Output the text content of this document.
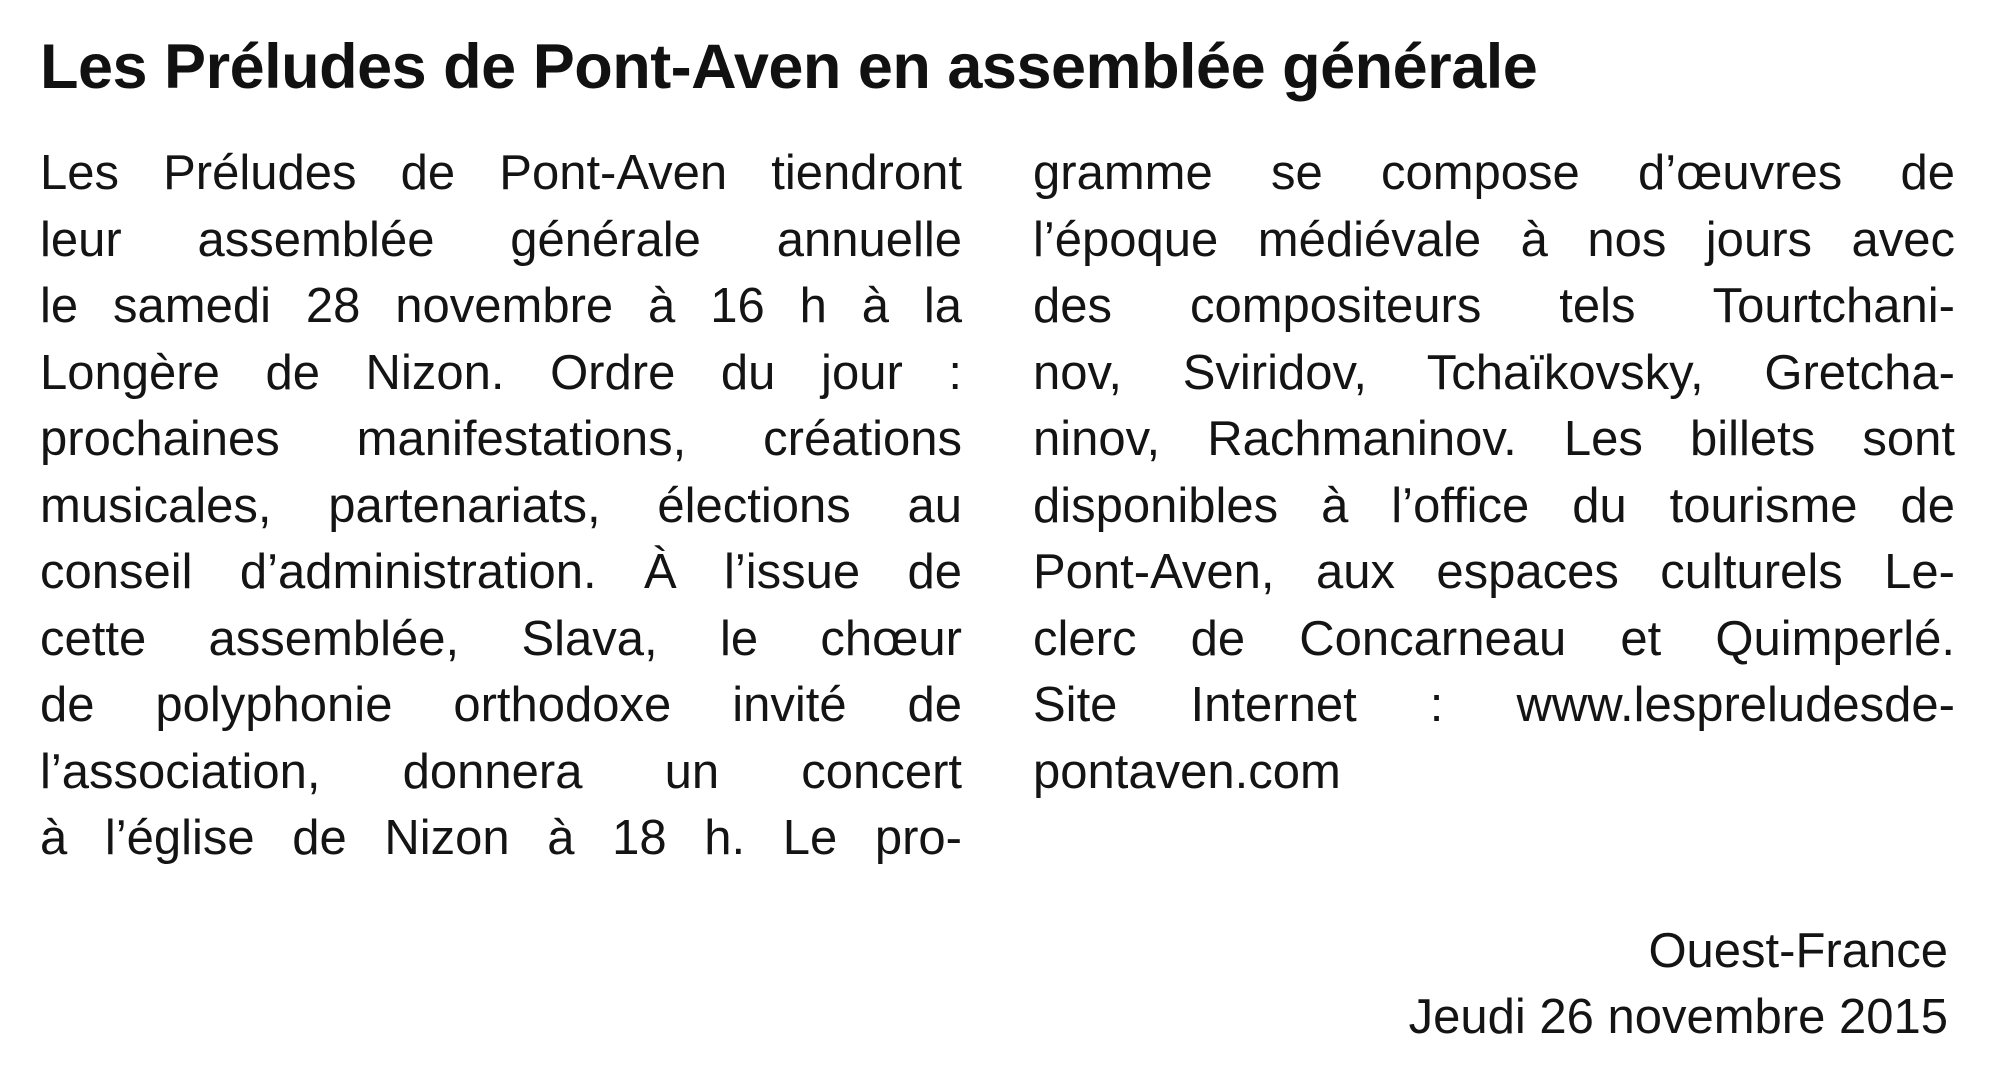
Les Préludes de Pont-Aven en assemblée générale
Les Préludes de Pont-Aven tiendront
leur assemblée générale annuelle
le samedi 28 novembre à 16 h à la
Longère de Nizon. Ordre du jour :
prochaines manifestations, créations
musicales, partenariats, élections au
conseil d’administration. À l’issue de
cette assemblée, Slava, le chœur
de polyphonie orthodoxe invité de
l’association, donnera un concert
à l’église de Nizon à 18 h. Le pro-
gramme se compose d’œuvres de
l’époque médiévale à nos jours avec
des compositeurs tels Tourtchani-
nov, Sviridov, Tchaïkovsky, Gretcha-
ninov, Rachmaninov. Les billets sont
disponibles à l’office du tourisme de
Pont-Aven, aux espaces culturels Le-
clerc de Concarneau et Quimperlé.
Site Internet : www.lespreludesde-
pontaven.com
Ouest-France
Jeudi 26 novembre 2015
